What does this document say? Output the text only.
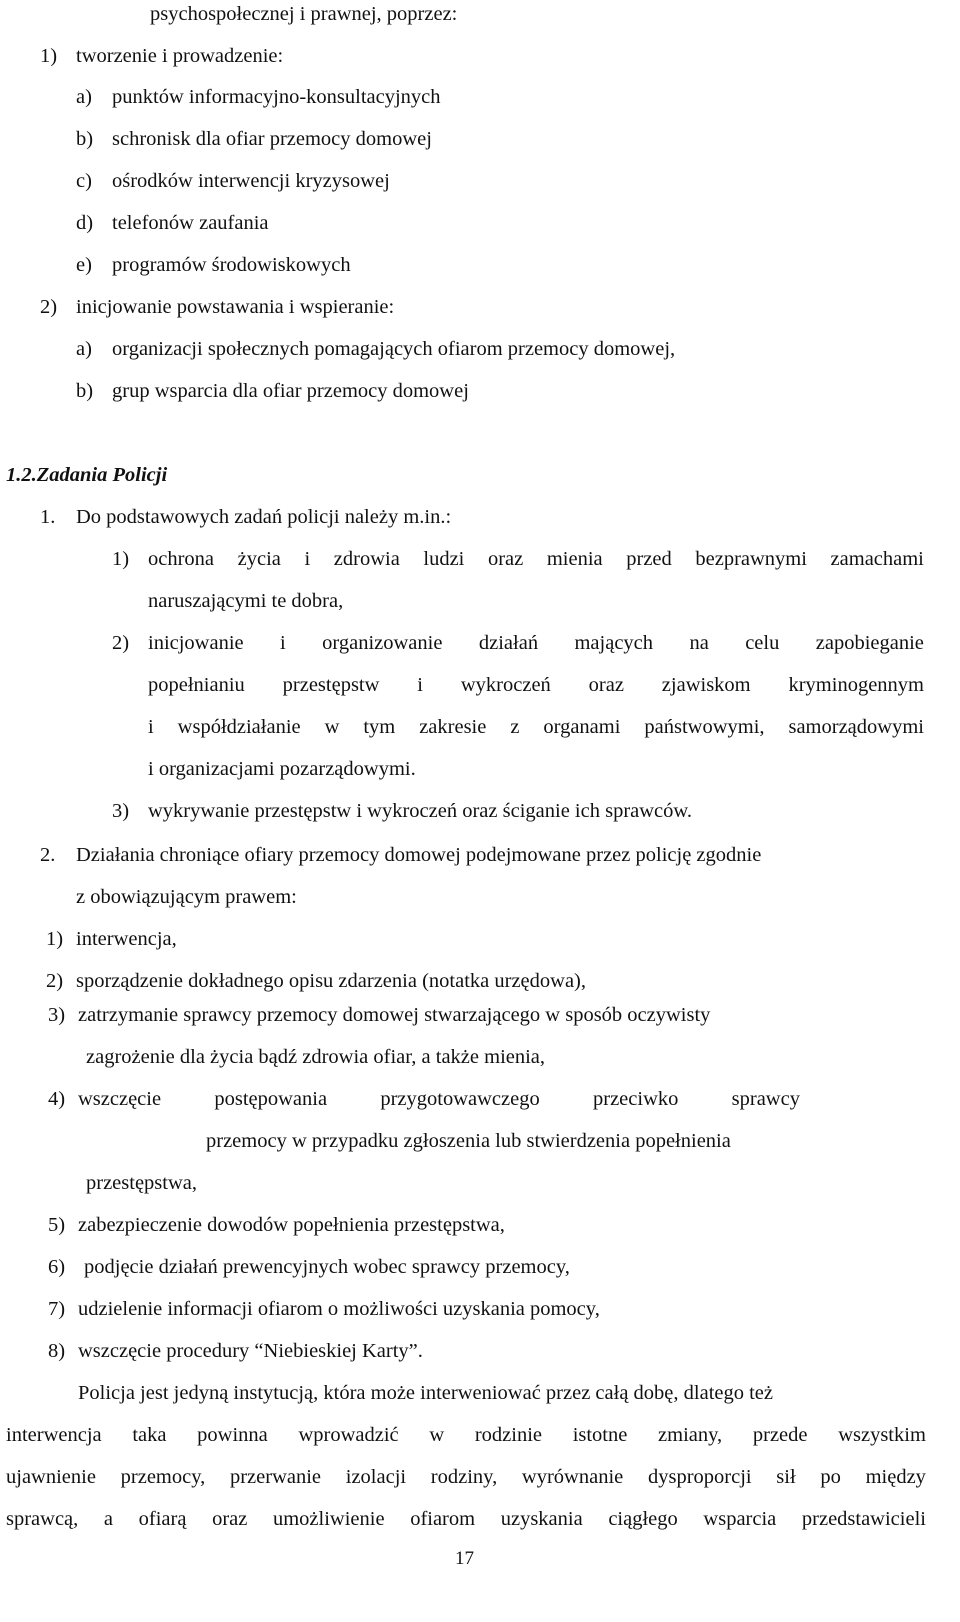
psychospołecznej i prawnej, poprzez:
1) tworzenie i prowadzenie:
a) punktów informacyjno-konsultacyjnych
b) schronisk dla ofiar przemocy domowej
c) ośrodków interwencji kryzysowej
d) telefonów zaufania
e) programów środowiskowych
2) inicjowanie powstawania i wspieranie:
a) organizacji społecznych pomagających ofiarom przemocy domowej,
b) grup wsparcia dla ofiar przemocy domowej
1.2.Zadania Policji
1. Do podstawowych zadań policji należy m.in.:
1) ochrona życia i zdrowia ludzi oraz mienia przed bezprawnymi zamachami
naruszającymi te dobra,
2) inicjowanie i organizowanie działań mających na celu zapobieganie
popełnianiu przestępstw i wykroczeń oraz zjawiskom kryminogennym
i współdziałanie w tym zakresie z organami państwowymi, samorządowymi
i organizacjami pozarządowymi.
3) wykrywanie przestępstw i wykroczeń oraz ściganie ich sprawców.
2. Działania chroniące ofiary przemocy domowej podejmowane przez policję zgodnie
z obowiązującym prawem:
1) interwencja,
2) sporządzenie dokładnego opisu zdarzenia (notatka urzędowa),
3) zatrzymanie sprawcy przemocy domowej stwarzającego w sposób oczywisty
zagrożenie dla życia bądź zdrowia ofiar, a także mienia,
4) wszczęcie	postępowania	przygotowawczego	przeciwko	sprawcy
przemocy w przypadku zgłoszenia lub stwierdzenia popełnienia
przestępstwa,
5) zabezpieczenie dowodów popełnienia przestępstwa,
6) podjęcie działań prewencyjnych wobec sprawcy przemocy,
7) udzielenie informacji ofiarom o możliwości uzyskania pomocy,
8) wszczęcie procedury “Niebieskiej Karty”.
Policja jest jedyną instytucją, która może interweniować przez całą dobę, dlatego też
interwencja taka powinna wprowadzić w rodzinie istotne zmiany, przede wszystkim
ujawnienie przemocy, przerwanie izolacji rodziny, wyrównanie dysproporcji sił po między
sprawcą, a ofiarą oraz umożliwienie ofiarom uzyskania ciągłego wsparcia przedstawicieli
17
